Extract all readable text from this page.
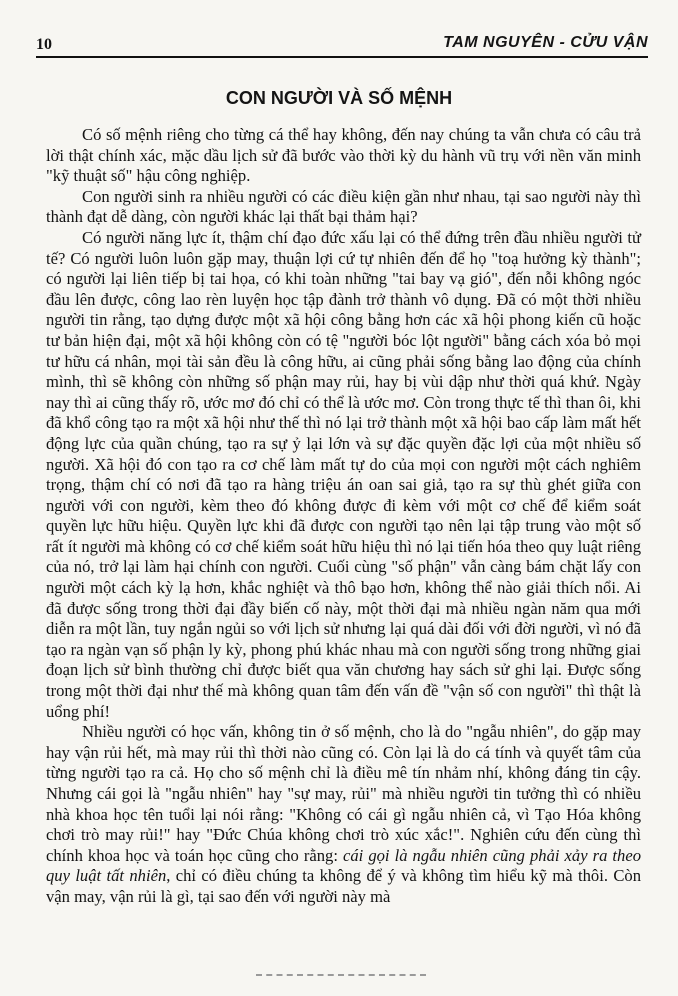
10	TAM NGUYÊN - CỬU VẬN
CON NGƯỜI VÀ SỐ MỆNH

Có số mệnh riêng cho từng cá thể hay không, đến nay chúng ta vẫn chưa có câu trả lời thật chính xác, mặc dầu lịch sử đã bước vào thời kỳ du hành vũ trụ với nền văn minh "kỹ thuật số" hậu công nghiệp.

Con người sinh ra nhiều người có các điều kiện gần như nhau, tại sao người này thì thành đạt dễ dàng, còn người khác lại thất bại thảm hại?

Có người năng lực ít, thậm chí đạo đức xấu lại có thể đứng trên đầu nhiều người tử tế? Có người luôn luôn gặp may, thuận lợi cứ tự nhiên đến để họ "toạ hưởng kỳ thành"; có người lại liên tiếp bị tai họa, có khi toàn những "tai bay vạ gió", đến nỗi không ngóc đầu lên được, công lao rèn luyện học tập đành trở thành vô dụng. Đã có một thời nhiều người tin rằng, tạo dựng được một xã hội công bằng hơn các xã hội phong kiến cũ hoặc tư bản hiện đại, một xã hội không còn có tệ "người bóc lột người" bằng cách xóa bỏ mọi tư hữu cá nhân, mọi tài sản đều là công hữu, ai cũng phải sống bằng lao động của chính mình, thì sẽ không còn những số phận may rủi, hay bị vùi dập như thời quá khứ. Ngày nay thì ai cũng thấy rõ, ước mơ đó chỉ có thể là ước mơ. Còn trong thực tế thì than ôi, khi đã khổ công tạo ra một xã hội như thế thì nó lại trở thành một xã hội bao cấp làm mất hết động lực của quần chúng, tạo ra sự ỷ lại lớn và sự đặc quyền đặc lợi của một nhiều số người. Xã hội đó con tạo ra cơ chế làm mất tự do của mọi con người một cách nghiêm trọng, thậm chí có nơi đã tạo ra hàng triệu án oan sai giả, tạo ra sự thù ghét giữa con người với con người, kèm theo đó không được đi kèm với một cơ chế để kiểm soát quyền lực hữu hiệu. Quyền lực khi đã được con người tạo nên lại tập trung vào một số rất ít người mà không có cơ chế kiểm soát hữu hiệu thì nó lại tiến hóa theo quy luật riêng của nó, trở lại làm hại chính con người. Cuối cùng "số phận" vẫn càng bám chặt lấy con người một cách kỳ lạ hơn, khắc nghiệt và thô bạo hơn, không thể nào giải thích nổi. Ai đã được sống trong thời đại đầy biến cố này, một thời đại mà nhiều ngàn năm qua mới diễn ra một lần, tuy ngắn ngủi so với lịch sử nhưng lại quá dài đối với đời người, vì nó đã tạo ra ngàn vạn số phận ly kỳ, phong phú khác nhau mà con người sống trong những giai đoạn lịch sử bình thường chỉ được biết qua văn chương hay sách sử ghi lại. Được sống trong một thời đại như thế mà không quan tâm đến vấn đề "vận số con người" thì thật là uổng phí!

Nhiều người có học vấn, không tin ở số mệnh, cho là do "ngẫu nhiên", do gặp may hay vận rủi hết, mà may rủi thì thời nào cũng có. Còn lại là do cá tính và quyết tâm của từng người tạo ra cả. Họ cho số mệnh chỉ là điều mê tín nhảm nhí, không đáng tin cậy. Nhưng cái gọi là "ngẫu nhiên" hay "sự may, rủi" mà nhiều người tin tưởng thì có nhiều nhà khoa học tên tuổi lại nói rằng: "Không có cái gì ngẫu nhiên cả, vì Tạo Hóa không chơi trò may rủi!" hay "Đức Chúa không chơi trò xúc xắc!". Nghiên cứu đến cùng thì chính khoa học và toán học cũng cho rằng: cái gọi là ngẫu nhiên cũng phải xảy ra theo quy luật tất nhiên, chỉ có điều chúng ta không để ý và không tìm hiểu kỹ mà thôi. Còn vận may, vận rủi là gì, tại sao đến với người này mà
